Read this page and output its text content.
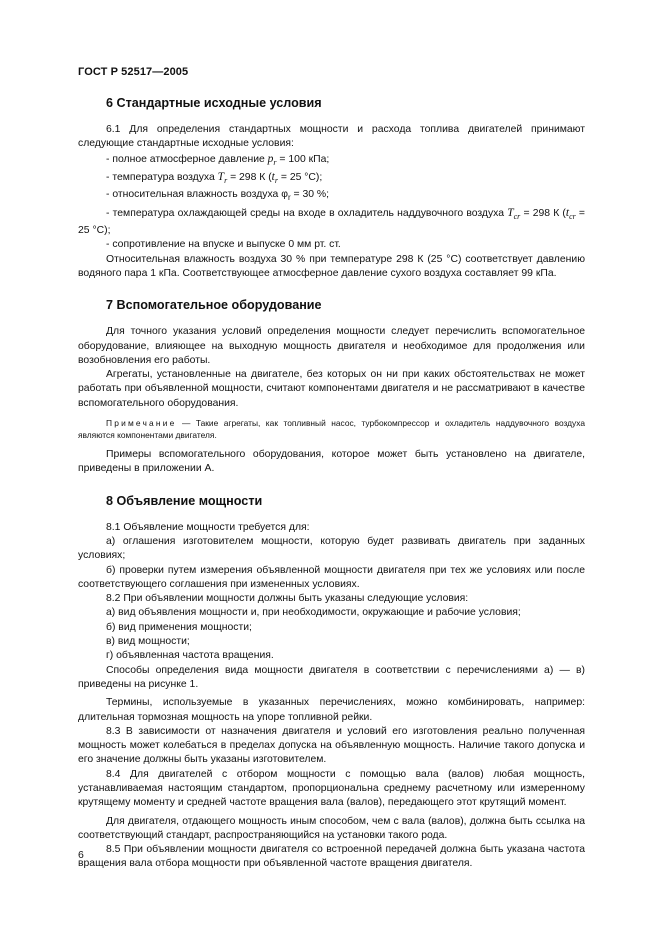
ГОСТ Р 52517—2005
6 Стандартные исходные условия

6.1 Для определения стандартных мощности и расхода топлива двигателей принимают следующие стандартные исходные условия:

- полное атмосферное давление $p_r = 100$ кПа;

- температура воздуха $T_r = 298$ К ($t_r = 25$ °C);

- относительная влажность воздуха $\varphi_r = 30$ %;

- температура охлаждающей среды на входе в охладитель наддувочного воздуха $T_{cr} = 298$ К ($t_{cr} = 25$ °C);

- сопротивление на впуске и выпуске 0 мм рт. ст.

Относительная влажность воздуха 30 % при температуре 298 К (25 °C) соответствует давлению водяного пара 1 кПа. Соответствующее атмосферное давление сухого воздуха составляет 99 кПа.

7 Вспомогательное оборудование

Для точного указания условий определения мощности следует перечислить вспомогательное оборудование, влияющее на выходную мощность двигателя и необходимое для продолжения или возобновления его работы.

Агрегаты, установленные на двигателе, без которых он ни при каких обстоятельствах не может работать при объявленной мощности, считают компонентами двигателя и не рассматривают в качестве вспомогательного оборудования.

Примечание — Такие агрегаты, как топливный насос, турбокомпрессор и охладитель наддувочного воздуха являются компонентами двигателя.

Примеры вспомогательного оборудования, которое может быть установлено на двигателе, приведены в приложении А.

8 Объявление мощности

8.1 Объявление мощности требуется для:

а) оглашения изготовителем мощности, которую будет развивать двигатель при заданных условиях;

б) проверки путем измерения объявленной мощности двигателя при тех же условиях или после соответствующего соглашения при измененных условиях.

8.2 При объявлении мощности должны быть указаны следующие условия:

а) вид объявления мощности и, при необходимости, окружающие и рабочие условия;

б) вид применения мощности;

в) вид мощности;

г) объявленная частота вращения.

Способы определения вида мощности двигателя в соответствии с перечислениями а) — в) приведены на рисунке 1.

Термины, используемые в указанных перечислениях, можно комбинировать, например: длительная тормозная мощность на упоре топливной рейки.

8.3 В зависимости от назначения двигателя и условий его изготовления реально полученная мощность может колебаться в пределах допуска на объявленную мощность. Наличие такого допуска и его значение должны быть указаны изготовителем.

8.4 Для двигателей с отбором мощности с помощью вала (валов) любая мощность, устанавливаемая настоящим стандартом, пропорциональна среднему расчетному или измеренному крутящему моменту и средней частоте вращения вала (валов), передающего этот крутящий момент.

Для двигателя, отдающего мощность иным способом, чем с вала (валов), должна быть ссылка на соответствующий стандарт, распространяющийся на установки такого рода.

8.5 При объявлении мощности двигателя со встроенной передачей должна быть указана частота вращения вала отбора мощности при объявленной частоте вращения двигателя.

6
